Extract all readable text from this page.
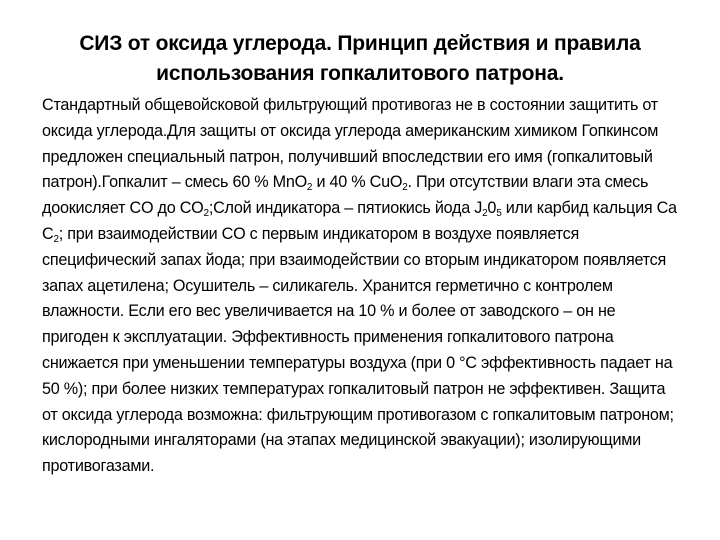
СИЗ от оксида углерода. Принцип действия и правила использования гопкалитового патрона.
Стандартный общевойсковой фильтрующий противогаз не в состоянии защитить от оксида углерода.Для защиты от оксида углерода американским химиком Гопкинсом предложен специальный патрон, получивший впоследствии его имя (гопкалитовый патрон).Гопкалит – смесь 60 % MnO$_2$ и 40 % CuO$_2$. При отсутствии влаги эта смесь доокисляет CO до $CO_2;Слой$ индикатора – пятиокись йода $J_20_5$ или карбид кальция Ca $C_2$; при взаимодействии CO с первым индикатором в воздухе появляется специфический запах йода; при взаимодействии со вторым индикатором появляется запах ацетилена; Осушитель – силикагель. Хранится герметично с контролем влажности. Если его вес увеличивается на 10 % и более от заводского – он не пригоден к эксплуатации. Эффективность применения гопкалитового патрона снижается при уменьшении температуры воздуха (при 0 °С эффективность падает на 50 %); при более низких температурах гопкалитовый патрон не эффективен. Защита от оксида углерода возможна: фильтрующим противогазом с гопкалитовым патроном; кислородными ингаляторами (на этапах медицинской эвакуации); изолирующими противогазами.
